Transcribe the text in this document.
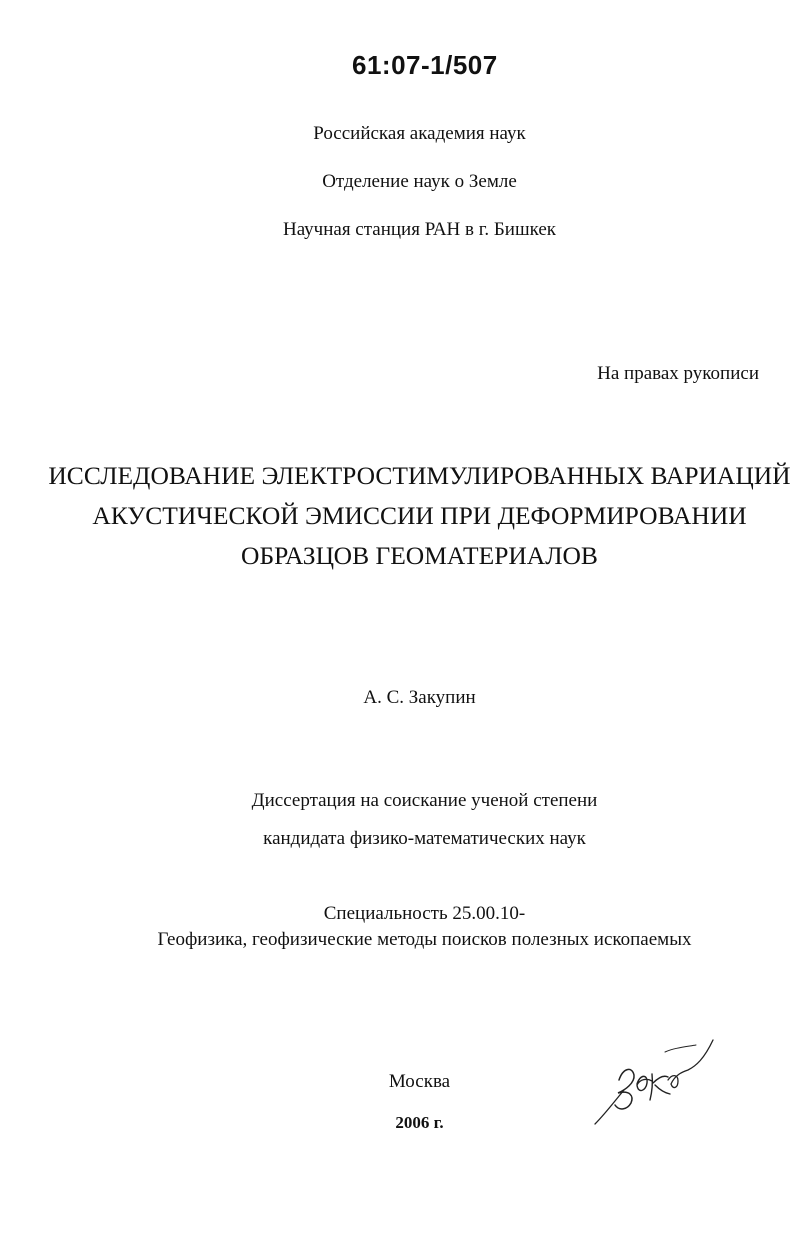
61:07-1/507
Российская академия наук
Отделение наук о Земле
Научная станция РАН в г. Бишкек
На правах рукописи
ИССЛЕДОВАНИЕ ЭЛЕКТРОСТИМУЛИРОВАННЫХ ВАРИАЦИЙ
АКУСТИЧЕСКОЙ ЭМИССИИ ПРИ ДЕФОРМИРОВАНИИ
ОБРАЗЦОВ ГЕОМАТЕРИАЛОВ
А. С. Закупин
Диссертация на соискание ученой степени
кандидата физико-математических наук
Специальность 25.00.10-
Геофизика, геофизические методы поисков полезных ископаемых
Москва
2006 г.
